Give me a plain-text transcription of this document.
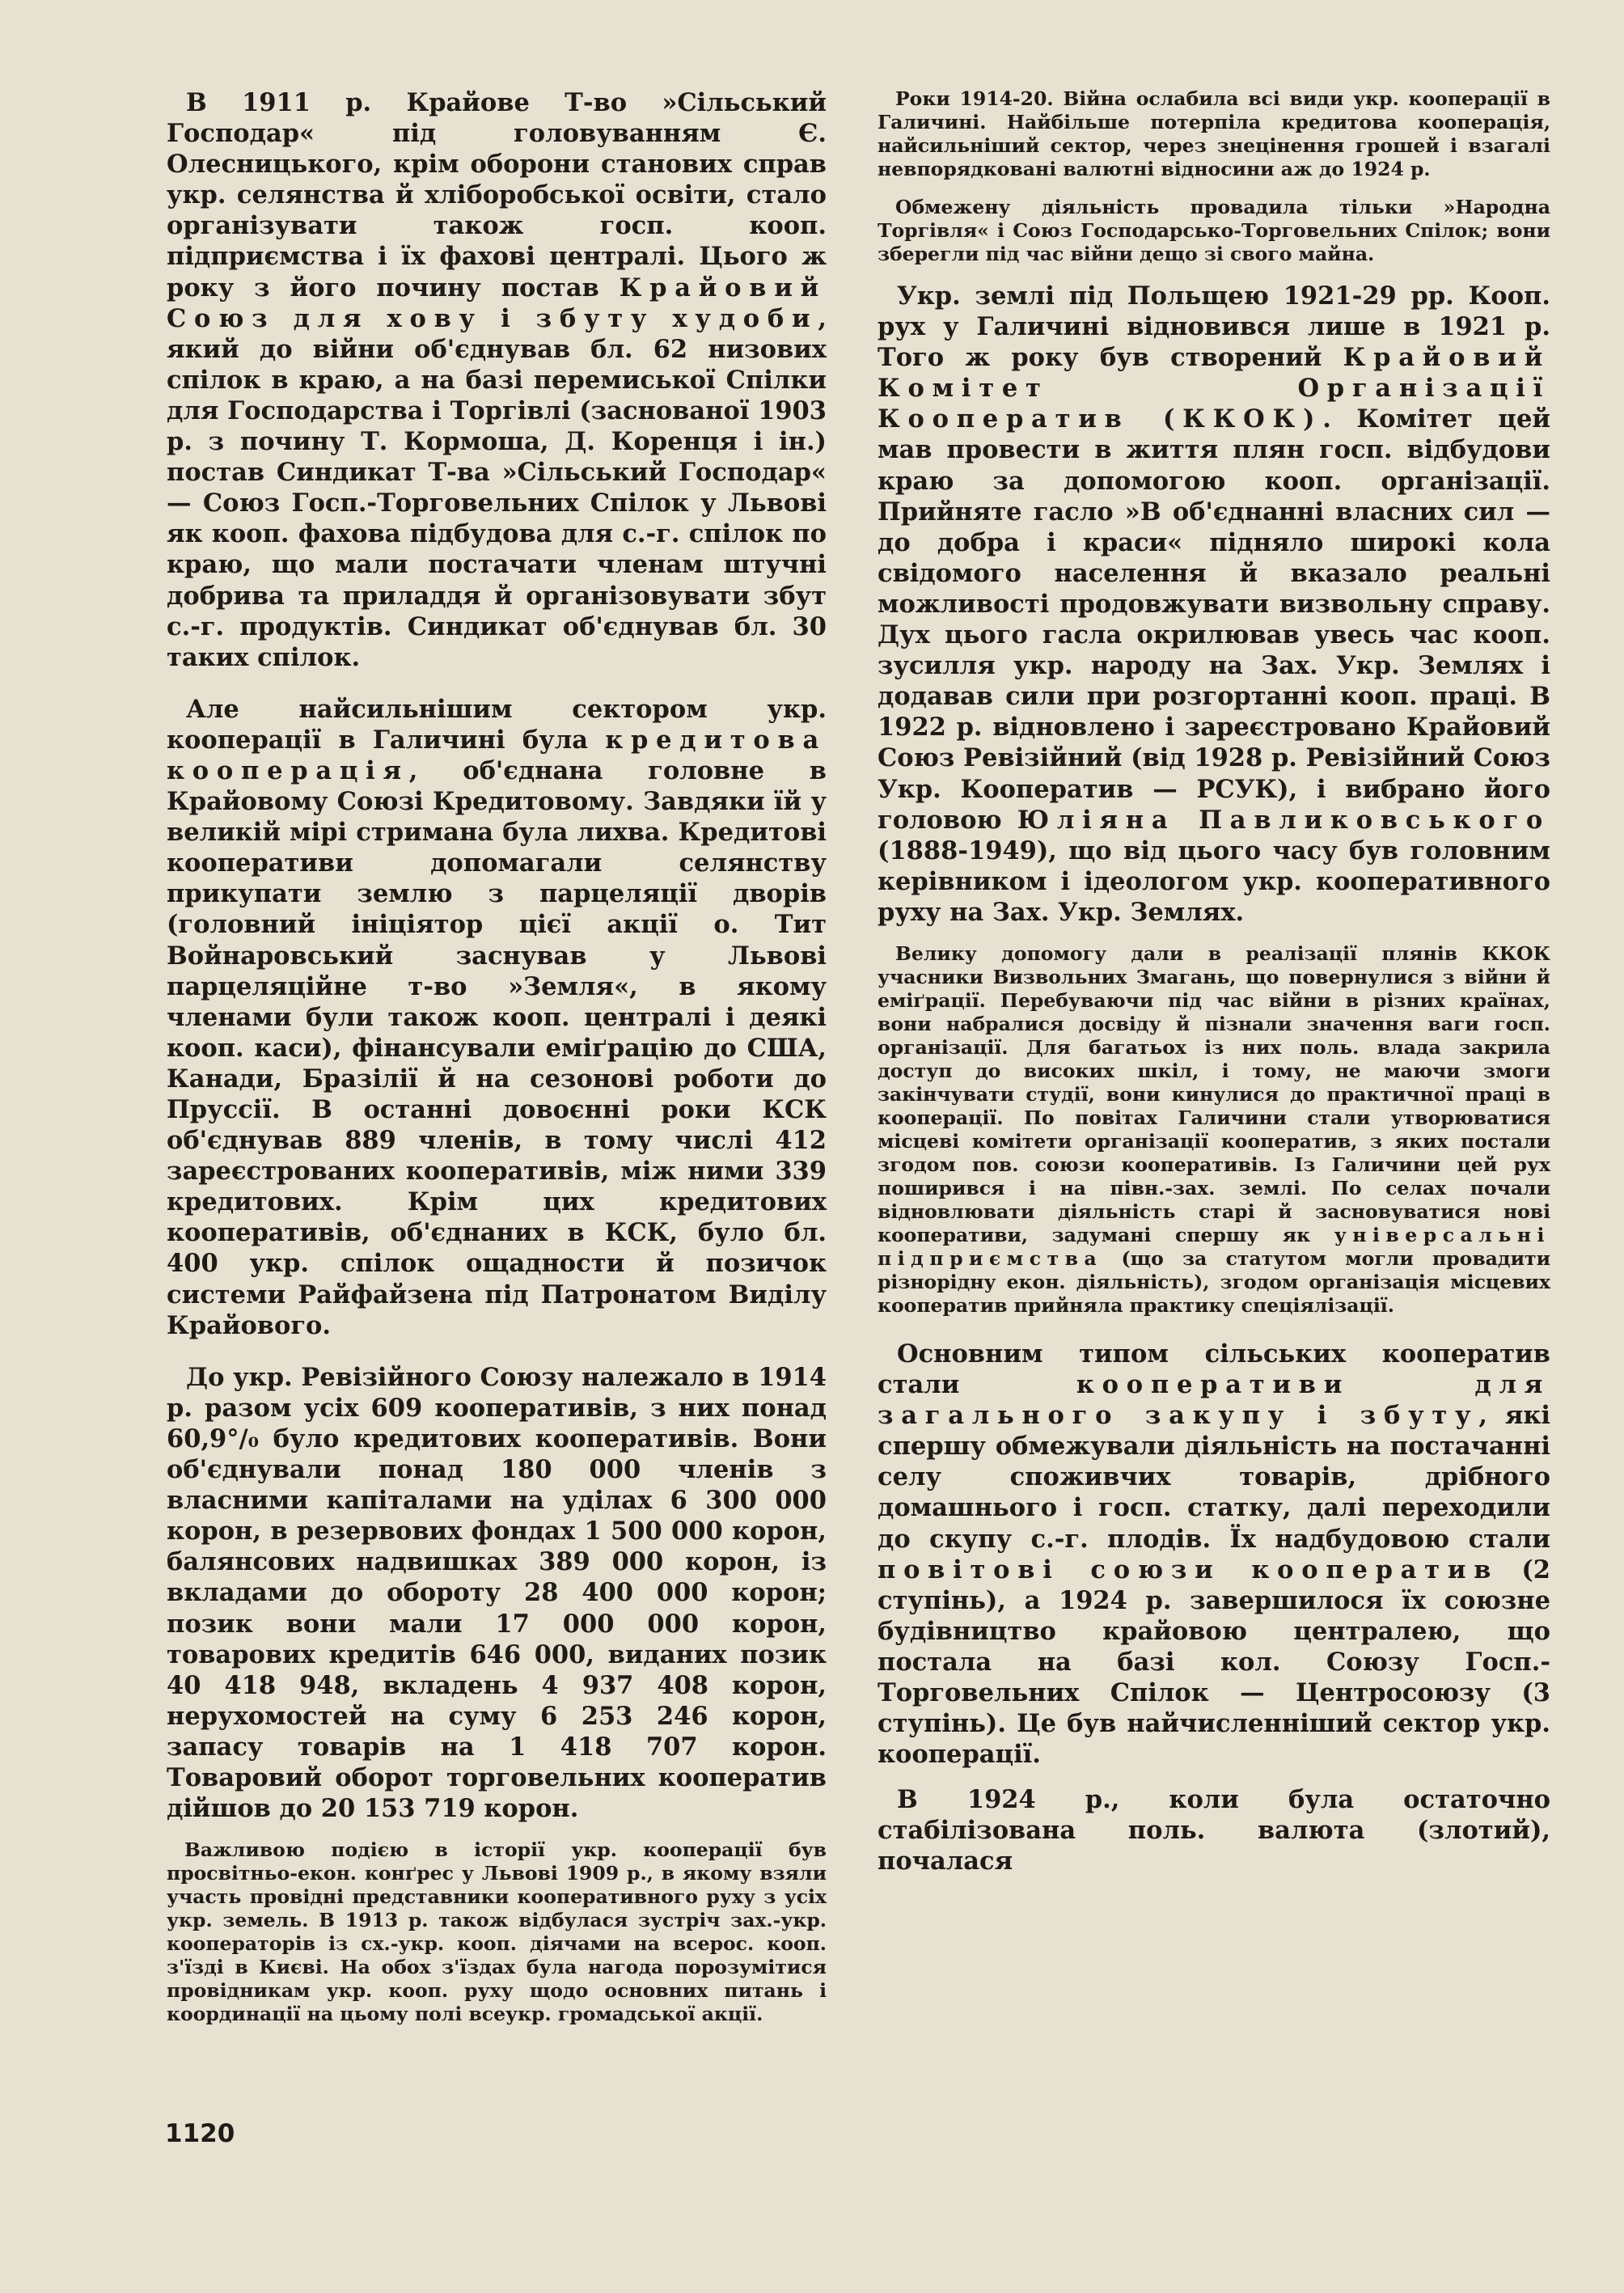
В 1911 р. Крайове Т-во »Сільський Господар« під головуванням Є. Олесницького, крім оборони станових справ укр. селянства й хліборобської освіти, стало організувати також госп. кооп. підприємства і їх фахові централі. Цього ж року з його почину постав Крайовий Союз для хову і збуту худоби, який до війни об'єднував бл. 62 низових спілок в краю, а на базі перемиської Спілки для Господарства і Торгівлі (заснованої 1903 р. з почину Т. Кормоша, Д. Коренця і ін.) постав Синдикат Т-ва »Сільський Господар« — Союз Госп.-Торговельних Спілок у Львові як кооп. фахова підбудова для с.-г. спілок по краю, що мали постачати членам штучні добрива та приладдя й організовувати збут с.-г. продуктів. Синдикат об'єднував бл. 30 таких спілок.

Але найсильнішим сектором укр. кооперації в Галичині була кредитова кооперація, об'єднана головне в Крайовому Союзі Кредитовому. Завдяки їй у великій мірі стримана була лихва. Кредитові кооперативи допомагали селянству прикупати землю з парцеляції дворів (головний ініціятор цієї акції о. Тит Войнаровський заснував у Львові парцеляційне т-во »Земля«, в якому членами були також кооп. централі і деякі кооп. каси), фінансували еміґрацію до США, Канади, Бразілії й на сезонові роботи до Пруссії. В останні довоєнні роки КСК об'єднував 889 членів, в тому числі 412 зареєстрованих кооперативів, між ними 339 кредитових. Крім цих кредитових кооперативів, об'єднаних в КСК, було бл. 400 укр. спілок ощадности й позичок системи Райфайзена під Патронатом Виділу Крайового.

До укр. Ревізійного Союзу належало в 1914 р. разом усіх 609 кооперативів, з них понад 60,9°/₀ було кредитових кооперативів. Вони об'єднували понад 180 000 членів з власними капіталами на уділах 6 300 000 корон, в резервових фондах 1 500 000 корон, балянсових надвишках 389 000 корон, із вкладами до обороту 28 400 000 корон; позик вони мали 17 000 000 корон, товарових кредитів 646 000, виданих позик 40 418 948, вкладень 4 937 408 корон, нерухомостей на суму 6 253 246 корон, запасу товарів на 1 418 707 корон. Товаровий оборот торговельних кооператив дійшов до 20 153 719 корон.

Важливою подією в історії укр. кооперації був просвітньо-екон. конґрес у Львові 1909 р., в якому взяли участь провідні представники кооперативного руху з усіх укр. земель. В 1913 р. також відбулася зустріч зах.-укр. кооператорів із сх.-укр. кооп. діячами на всерос. кооп. з'їзді в Києві. На обох з'їздах була нагода порозумітися провідникам укр. кооп. руху щодо основних питань і координації на цьому полі всеукр. громадської акції.

Роки 1914-20. Війна ослабила всі види укр. кооперації в Галичині. Найбільше потерпіла кредитова кооперація, найсильніший сектор, через знецінення грошей і взагалі невпорядковані валютні відносини аж до 1924 р.

Обмежену діяльність провадила тільки »Народна Торгівля« і Союз Господарсько-Торговельних Спілок; вони зберегли під час війни дещо зі свого майна.

Укр. землі під Польщею 1921-29 рр. Кооп. рух у Галичині відновився лише в 1921 р. Того ж року був створений Крайовий Комітет Організації Кооператив (ККОК). Комітет цей мав провести в життя плян госп. відбудови краю за допомогою кооп. організації. Прийняте гасло »В об'єднанні власних сил — до добра і краси« підняло широкі кола свідомого населення й вказало реальні можливості продовжувати визвольну справу. Дух цього гасла окрилював увесь час кооп. зусилля укр. народу на Зах. Укр. Землях і додавав сили при розгортанні кооп. праці. В 1922 р. відновлено і зареєстровано Крайовий Союз Ревізійний (від 1928 р. Ревізійний Союз Укр. Кооператив — РСУК), і вибрано його головою Юліяна Павликовського (1888-1949), що від цього часу був головним керівником і ідеологом укр. кооперативного руху на Зах. Укр. Землях.

Велику допомогу дали в реалізації плянів ККОК учасники Визвольних Змагань, що повернулися з війни й еміґрації. Перебуваючи під час війни в різних країнах, вони набралися досвіду й пізнали значення ваги госп. організації. Для багатьох із них поль. влада закрила доступ до високих шкіл, і тому, не маючи змоги закінчувати студії, вони кинулися до практичної праці в кооперації. По повітах Галичини стали утворюватися місцеві комітети організації кооператив, з яких постали згодом пов. союзи кооперативів. Із Галичини цей рух поширився і на півн.-зах. землі. По селах почали відновлювати діяльність старі й засновуватися нові кооперативи, задумані спершу як універсальні підприємства (що за статутом могли провадити різнорідну екон. діяльність), згодом організація місцевих кооператив прийняла практику спеціялізації.

Основним типом сільських кооператив стали кооперативи для загального закупу і збуту, які спершу обмежували діяльність на постачанні селу споживчих товарів, дрібного домашнього і госп. статку, далі переходили до скупу с.-г. плодів. Їх надбудовою стали повітові союзи кооператив (2 ступінь), а 1924 р. завершилося їх союзне будівництво крайовою централею, що постала на базі кол. Союзу Госп.-Торговельних Спілок — Центросоюзу (3 ступінь). Це був найчисленніший сектор укр. кооперації.

В 1924 р., коли була остаточно стабілізована поль. валюта (злотий), почалася

1120
